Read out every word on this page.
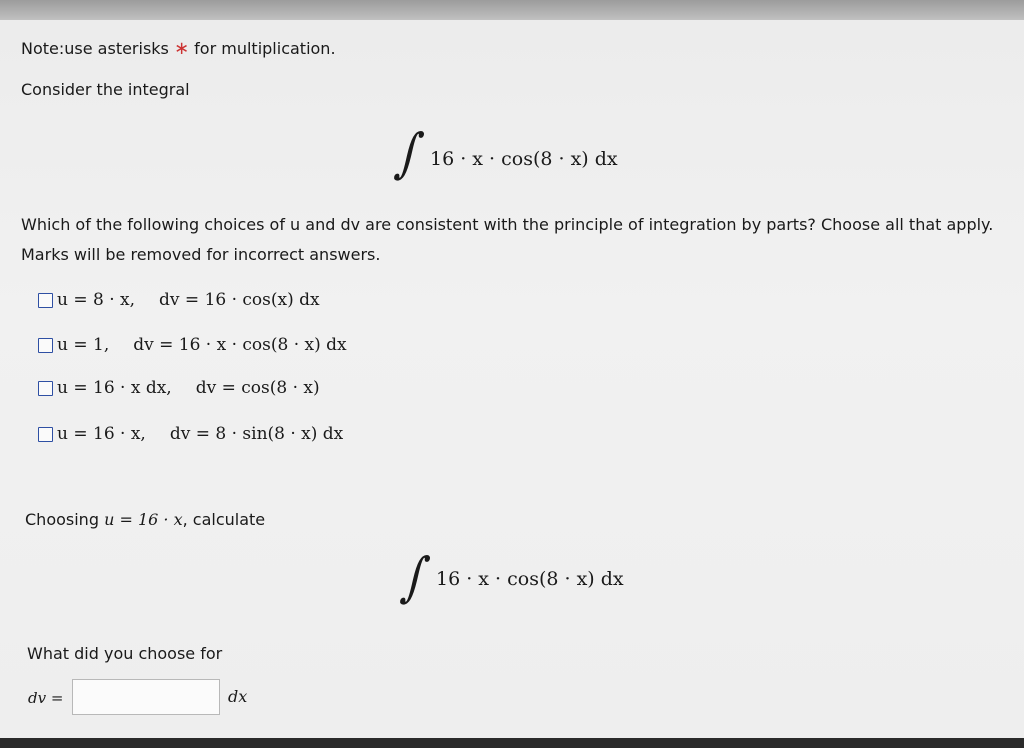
Note:use asterisks ∗ for multiplication.
Consider the integral
∫ 16 · x · cos(8 · x) dx
Which of the following choices of u and dv are consistent with the principle of integration by parts? Choose all that apply.
Marks will be removed for incorrect answers.
u = 8 · x, dv = 16 · cos(x) dx
u = 1, dv = 16 · x · cos(8 · x) dx
u = 16 · x dx, dv = cos(8 · x)
u = 16 · x, dv = 8 · sin(8 · x) dx
Choosing u = 16 · x, calculate
∫ 16 · x · cos(8 · x) dx
What did you choose for
dv =	dx
